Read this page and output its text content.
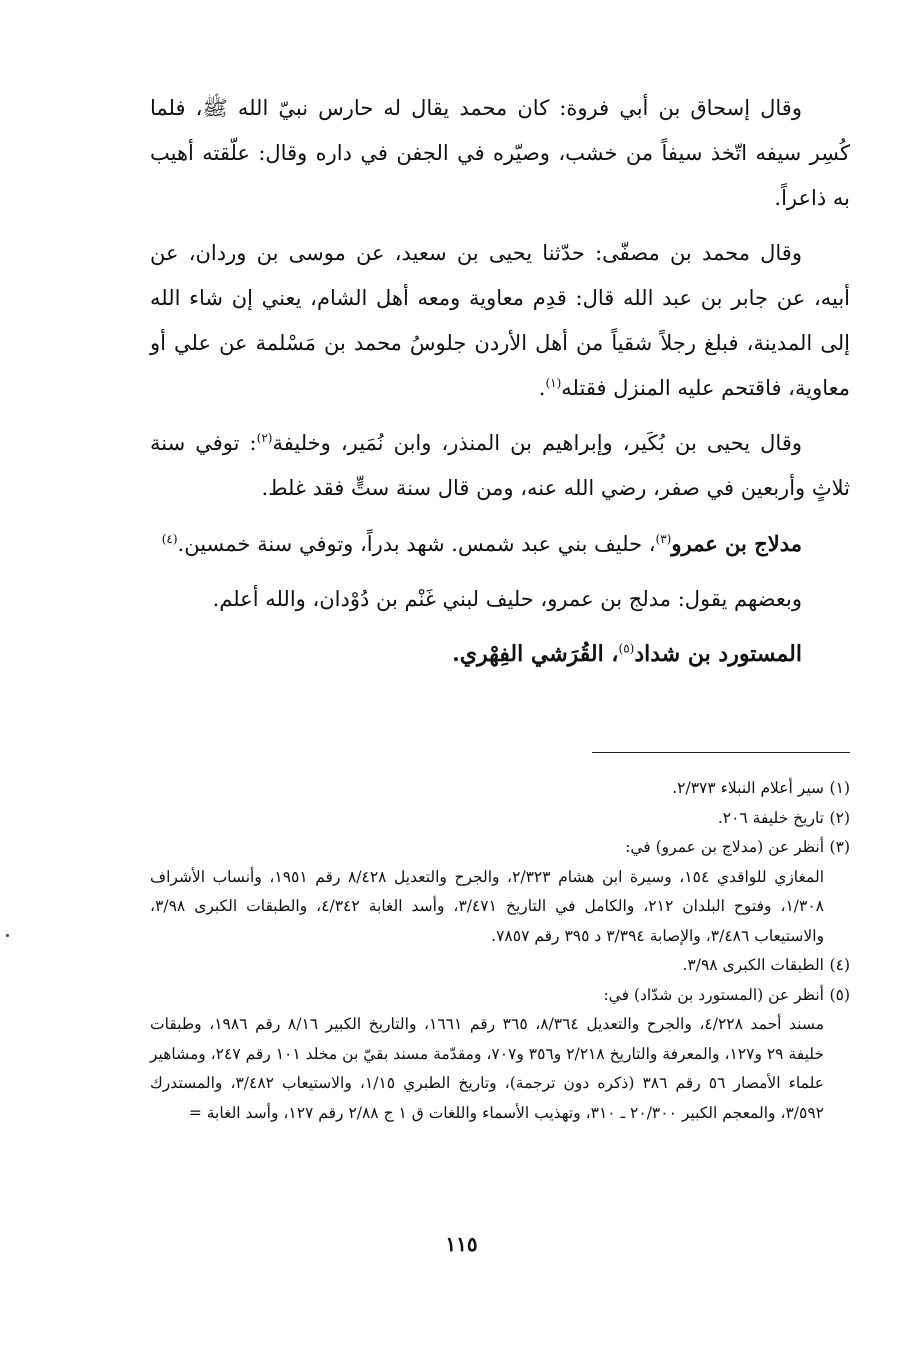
وقال إسحاق بن أبي فروة: كان محمد يقال له حارس نبيّ الله ﷺ، فلما كُسِر سيفه اتّخذ سيفاً من خشب، وصيّره في الجفن في داره وقال: علّقته أهيب به ذاعراً.

وقال محمد بن مصفّى: حدّثنا يحيى بن سعيد، عن موسى بن وردان، عن أبيه، عن جابر بن عبد الله قال: قدِم معاوية ومعه أهل الشام، يعني إن شاء الله إلى المدينة، فبلغ رجلاً شقياً من أهل الأردن جلوسُ محمد بن مَسْلمة عن علي أو معاوية، فاقتحم عليه المنزل فقتله$^{(١)}$.

وقال يحيى بن بُكَير، وإبراهيم بن المنذر، وابن نُمَير، وخليفة$^{(٢)}$: توفي سنة ثلاثٍ وأربعين في صفر، رضي الله عنه، ومن قال سنة ستٍّ فقد غلط.

مدلاج بن عمرو$^{(٣)}$، حليف بني عبد شمس. شهد بدراً، وتوفي سنة خمسين.$^{(٤)}$

وبعضهم يقول: مدلج بن عمرو، حليف لبني غَنْم بن دُوْدان، والله أعلم.

المستورد بن شداد$^{(٥)}$، القُرَشي الفِهْري.

(١)سير أعلام النبلاء ٢/٣٧٣.

(٢)تاريخ خليفة ٢٠٦.

(٣)أنظر عن (مدلاج بن عمرو) في:

المغازي للواقدي ١٥٤، وسيرة ابن هشام ٢/٣٢٣، والجرح والتعديل ٨/٤٢٨ رقم ١٩٥١، وأنساب الأشراف ١/٣٠٨، وفتوح البلدان ٢١٢، والكامل في التاريخ ٣/٤٧١، وأسد الغابة ٤/٣٤٢، والطبقات الكبرى ٣/٩٨، والاستيعاب ٣/٤٨٦، والإصابة ٣/٣٩٤ د ٣٩٥ رقم ٧٨٥٧.

(٤)الطبقات الكبرى ٣/٩٨.

(٥)أنظر عن (المستورد بن شدّاد) في:

مسند أحمد ٤/٢٢٨، والجرح والتعديل ٨/٣٦٤، ٣٦٥ رقم ١٦٦١، والتاريخ الكبير ٨/١٦ رقم ١٩٨٦، وطبقات خليفة ٢٩ و١٢٧، والمعرفة والتاريخ ٢/٢١٨ و٣٥٦ و٧٠٧، ومقدّمة مسند بقيّ بن مخلد ١٠١ رقم ٢٤٧، ومشاهير علماء الأمصار ٥٦ رقم ٣٨٦ (ذكره دون ترجمة)، وتاريخ الطبري ١/١٥، والاستيعاب ٣/٤٨٢، والمستدرك ٣/٥٩٢، والمعجم الكبير ٢٠/٣٠٠ ـ ٣١٠، وتهذيب الأسماء واللغات ق ١ ج ٢/٨٨ رقم ١٢٧، وأسد الغابة =

١١٥
